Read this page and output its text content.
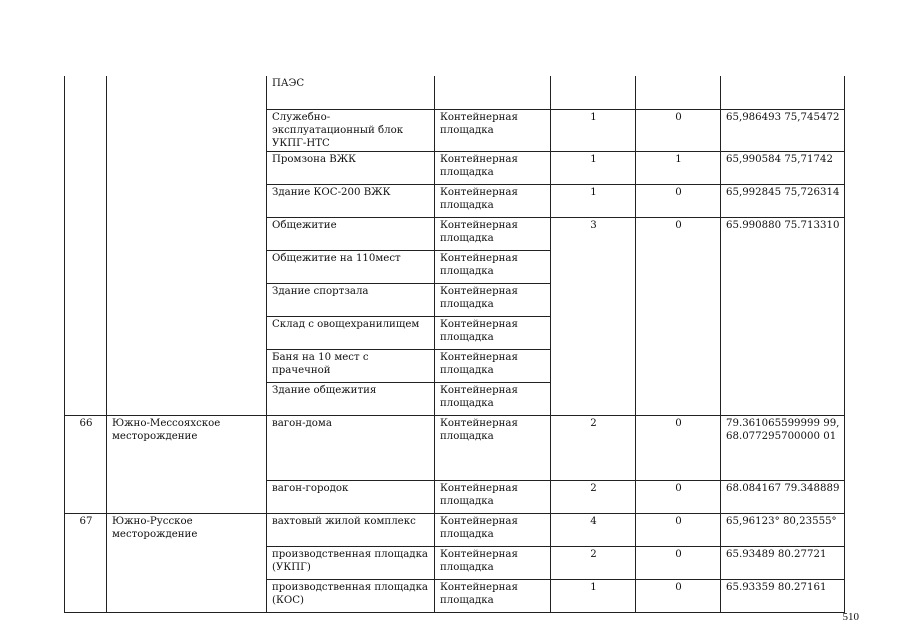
		ПАЭС				
		Служебно-эксплуатационный блок УКПГ-НТС	Контейнерная площадка	1	0	65,986493 75,745472
		Промзона ВЖК	Контейнерная площадка	1	1	65,990584 75,71742
		Здание КОС-200 ВЖК	Контейнерная площадка	1	0	65,992845 75,726314
		Общежитие	Контейнерная площадка	3	0	65.990880 75.713310
		Общежитие на 110мест	Контейнерная площадка			
		Здание спортзала	Контейнерная площадка			
		Склад с овощехранилищем	Контейнерная площадка			
		Баня на 10 мест с прачечной	Контейнерная площадка			
		Здание общежития	Контейнерная площадка			
66	Южно-Мессояхское месторождение	вагон-дома	Контейнерная площадка	2	0	79.361065599999 99, 68.077295700000 01
		вагон-городок	Контейнерная площадка	2	0	68.084167 79.348889
67	Южно-Русское месторождение	вахтовый жилой комплекс	Контейнерная площадка	4	0	65,96123° 80,23555°
		производственная площадка (УКПГ)	Контейнерная площадка	2	0	65.93489 80.27721
		производственная площадка (КОС)	Контейнерная площадка	1	0	65.93359 80.27161
510
